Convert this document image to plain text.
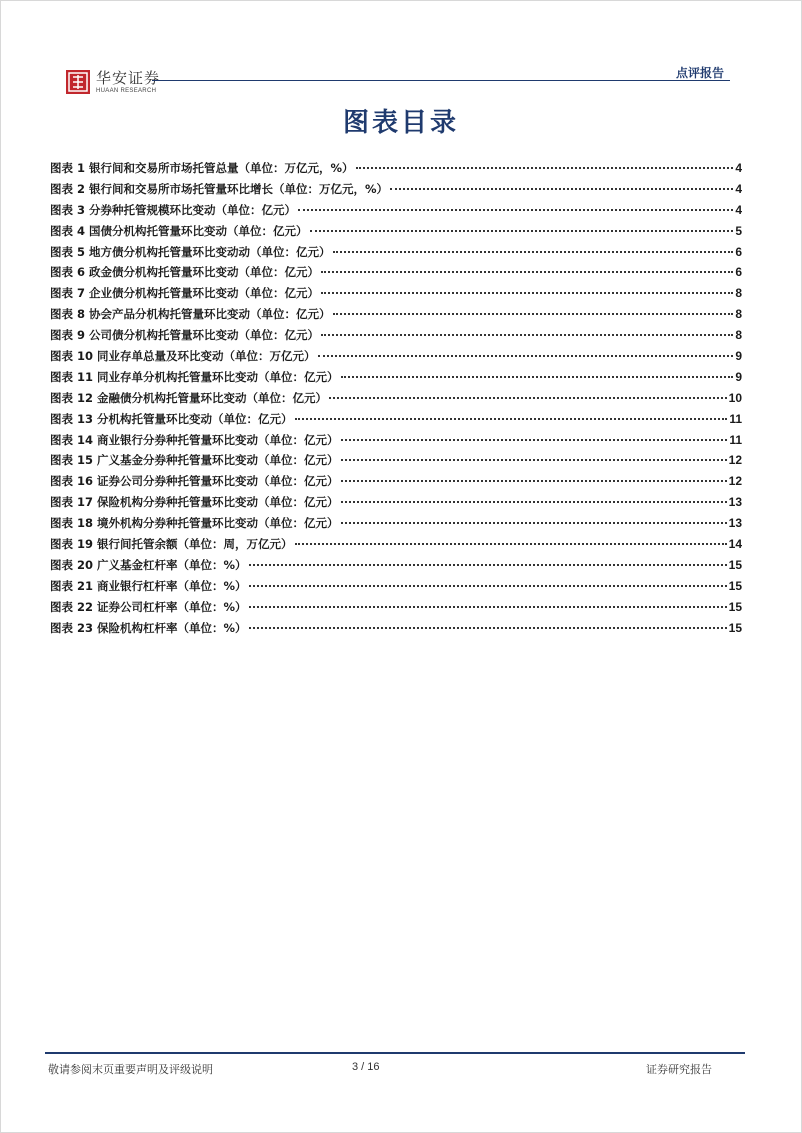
华安证券
HUAAN RESEARCH
点评报告
图表目录
图表 1 银行间和交易所市场托管总量（单位：万亿元，%）	4
图表 2 银行间和交易所市场托管量环比增长（单位：万亿元，%）	4
图表 3 分券种托管规模环比变动（单位：亿元）	4
图表 4 国债分机构托管量环比变动（单位：亿元）	5
图表 5 地方债分机构托管量环比变动动（单位：亿元）	6
图表 6 政金债分机构托管量环比变动（单位：亿元）	6
图表 7 企业债分机构托管量环比变动（单位：亿元）	8
图表 8 协会产品分机构托管量环比变动（单位：亿元）	8
图表 9 公司债分机构托管量环比变动（单位：亿元）	8
图表 10 同业存单总量及环比变动（单位：万亿元）	9
图表 11 同业存单分机构托管量环比变动（单位：亿元）	9
图表 12 金融债分机构托管量环比变动（单位：亿元）	10
图表 13 分机构托管量环比变动（单位：亿元）	11
图表 14 商业银行分券种托管量环比变动（单位：亿元）	11
图表 15 广义基金分券种托管量环比变动（单位：亿元）	12
图表 16 证券公司分券种托管量环比变动（单位：亿元）	12
图表 17 保险机构分券种托管量环比变动（单位：亿元）	13
图表 18 境外机构分券种托管量环比变动（单位：亿元）	13
图表 19 银行间托管余额（单位：周，万亿元）	14
图表 20 广义基金杠杆率（单位：%）	15
图表 21 商业银行杠杆率（单位：%）	15
图表 22 证券公司杠杆率（单位：%）	15
图表 23 保险机构杠杆率（单位：%）	15
敬请参阅末页重要声明及评级说明	3 / 16	证券研究报告
